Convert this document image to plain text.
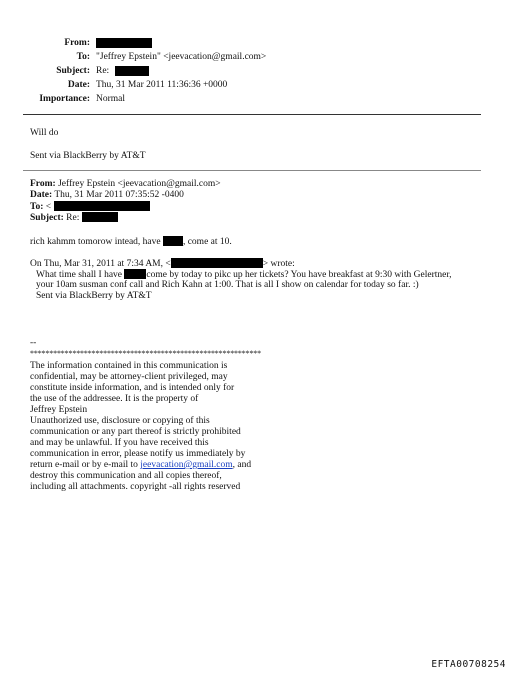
From:
To: "Jeffrey Epstein" <jeevacation@gmail.com>
Subject: Re:
Date: Thu, 31 Mar 2011 11:36:36 +0000
Importance: Normal
Will do
Sent via BlackBerry by AT&T
From: Jeffrey Epstein <jeevacation@gmail.com>
Date: Thu, 31 Mar 2011 07:35:52 -0400
To: <
Subject: Re:
rich kahmm tomorow intead, have , come at 10.
On Thu, Mar 31, 2011 at 7:34 AM, <	> wrote:
What time shall I have	come by today to pikc up her tickets? You have breakfast at 9:30 with Gelertner,
your 10am susman conf call and Rich Kahn at 1:00. That is all I show on calendar for today so far. :)
Sent via BlackBerry by AT&T
--
************************************************************
The information contained in this communication is
confidential, may be attorney-client privileged, may
constitute inside information, and is intended only for
the use of the addressee. It is the property of
Jeffrey Epstein
Unauthorized use, disclosure or copying of this
communication or any part thereof is strictly prohibited
and may be unlawful. If you have received this
communication in error, please notify us immediately by
return e-mail or by e-mail to jeevacation@gmail.com, and
destroy this communication and all copies thereof,
including all attachments. copyright -all rights reserved
EFTA00708254
